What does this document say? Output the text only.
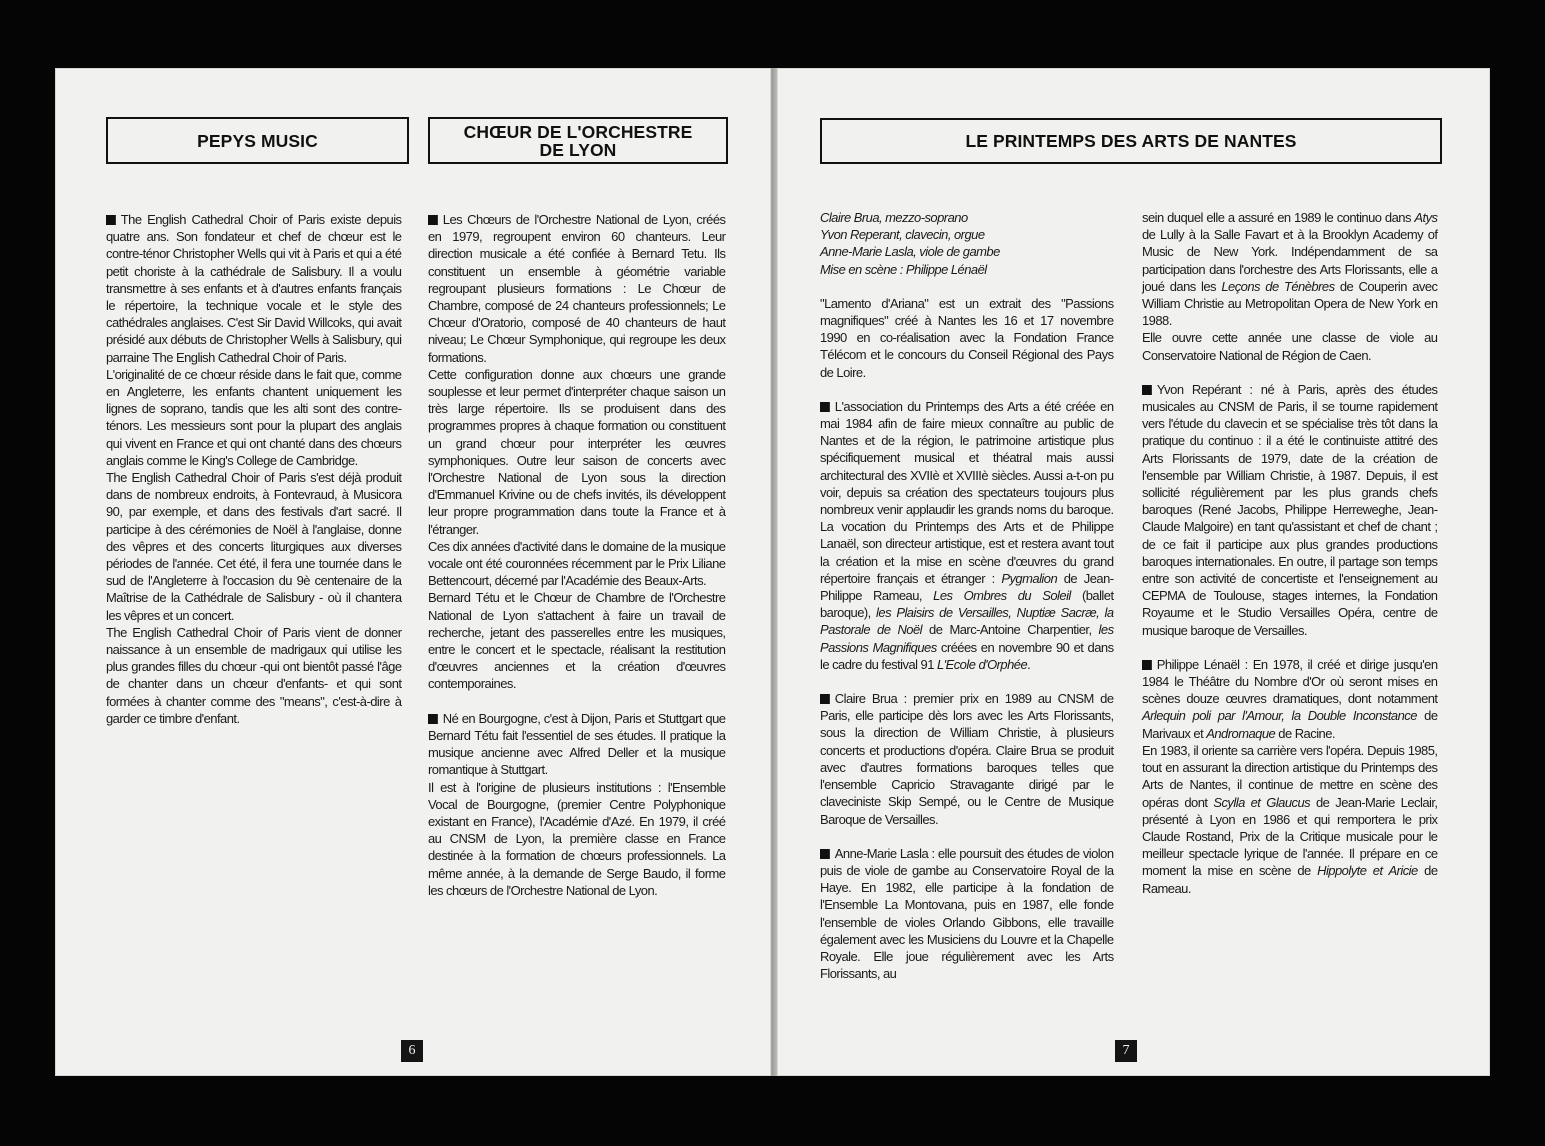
PEPYS MUSIC	CHŒUR DE L'ORCHESTRE DE LYON

The English Cathedral Choir of Paris existe depuis quatre ans. Son fondateur et chef de chœur est le contre-ténor Christopher Wells qui vit à Paris et qui a été petit choriste à la cathédrale de Salisbury. Il a voulu transmettre à ses enfants et à d'autres enfants français le répertoire, la technique vocale et le style des cathédrales anglaises. C'est Sir David Willcoks, qui avait présidé aux débuts de Christopher Wells à Salisbury, qui parraine The English Cathedral Choir of Paris.

L'originalité de ce chœur réside dans le fait que, comme en Angleterre, les enfants chantent uniquement les lignes de soprano, tandis que les alti sont des contre-ténors. Les messieurs sont pour la plupart des anglais qui vivent en France et qui ont chanté dans des chœurs anglais comme le King's College de Cambridge.

The English Cathedral Choir of Paris s'est déjà produit dans de nombreux endroits, à Fontevraud, à Musicora 90, par exemple, et dans des festivals d'art sacré. Il participe à des cérémonies de Noël à l'anglaise, donne des vêpres et des concerts liturgiques aux diverses périodes de l'année. Cet été, il fera une tournée dans le sud de l'Angleterre à l'occasion du 9è centenaire de la Maîtrise de la Cathédrale de Salisbury - où il chantera les vêpres et un concert.

The English Cathedral Choir of Paris vient de donner naissance à un ensemble de madrigaux qui utilise les plus grandes filles du chœur -qui ont bientôt passé l'âge de chanter dans un chœur d'enfants- et qui sont formées à chanter comme des "means", c'est-à-dire à garder ce timbre d'enfant.

Les Chœurs de l'Orchestre National de Lyon, créés en 1979, regroupent environ 60 chanteurs. Leur direction musicale a été confiée à Bernard Tetu. Ils constituent un ensemble à géométrie variable regroupant plusieurs formations : Le Chœur de Chambre, composé de 24 chanteurs professionnels; Le Chœur d'Oratorio, composé de 40 chanteurs de haut niveau; Le Chœur Symphonique, qui regroupe les deux formations.

Cette configuration donne aux chœurs une grande souplesse et leur permet d'interpréter chaque saison un très large répertoire. Ils se produisent dans des programmes propres à chaque formation ou constituent un grand chœur pour interpréter les œuvres symphoniques. Outre leur saison de concerts avec l'Orchestre National de Lyon sous la direction d'Emmanuel Krivine ou de chefs invités, ils développent leur propre programmation dans toute la France et à l'étranger.

Ces dix années d'activité dans le domaine de la musique vocale ont été couronnées récemment par le Prix Liliane Bettencourt, décerné par l'Académie des Beaux-Arts.

Bernard Tétu et le Chœur de Chambre de l'Orchestre National de Lyon s'attachent à faire un travail de recherche, jetant des passerelles entre les musiques, entre le concert et le spectacle, réalisant la restitution d'œuvres anciennes et la création d'œuvres contemporaines.

Né en Bourgogne, c'est à Dijon, Paris et Stuttgart que Bernard Tétu fait l'essentiel de ses études. Il pratique la musique ancienne avec Alfred Deller et la musique romantique à Stuttgart.

Il est à l'origine de plusieurs institutions : l'Ensemble Vocal de Bourgogne, (premier Centre Polyphonique existant en France), l'Académie d'Azé. En 1979, il créé au CNSM de Lyon, la première classe en France destinée à la formation de chœurs professionnels. La même année, à la demande de Serge Baudo, il forme les chœurs de l'Orchestre National de Lyon.

6
LE PRINTEMPS DES ARTS DE NANTES

Claire Brua, mezzo-soprano

Yvon Reperant, clavecin, orgue

Anne-Marie Lasla, viole de gambe

Mise en scène : Philippe Lénaël

"Lamento d'Ariana" est un extrait des "Passions magnifiques" créé à Nantes les 16 et 17 novembre 1990 en co-réalisation avec la Fondation France Télécom et le concours du Conseil Régional des Pays de Loire.

L'association du Printemps des Arts a été créée en mai 1984 afin de faire mieux connaître au public de Nantes et de la région, le patrimoine artistique plus spécifiquement musical et théatral mais aussi architectural des XVIIè et XVIIIè siècles. Aussi a-t-on pu voir, depuis sa création des spectateurs toujours plus nombreux venir applaudir les grands noms du baroque. La vocation du Printemps des Arts et de Philippe Lanaël, son directeur artistique, est et restera avant tout la création et la mise en scène d'œuvres du grand répertoire français et étranger : Pygmalion de Jean-Philippe Rameau, Les Ombres du Soleil (ballet baroque), les Plaisirs de Versailles, Nuptiæ Sacræ, la Pastorale de Noël de Marc-Antoine Charpentier, les Passions Magnifiques créées en novembre 90 et dans le cadre du festival 91 L'Ecole d'Orphée.

Claire Brua : premier prix en 1989 au CNSM de Paris, elle participe dès lors avec les Arts Florissants, sous la direction de William Christie, à plusieurs concerts et productions d'opéra. Claire Brua se produit avec d'autres formations baroques telles que l'ensemble Capricio Stravagante dirigé par le claveciniste Skip Sempé, ou le Centre de Musique Baroque de Versailles.

Anne-Marie Lasla : elle poursuit des études de violon puis de viole de gambe au Conservatoire Royal de la Haye. En 1982, elle participe à la fondation de l'Ensemble La Montovana, puis en 1987, elle fonde l'ensemble de violes Orlando Gibbons, elle travaille également avec les Musiciens du Louvre et la Chapelle Royale. Elle joue régulièrement avec les Arts Florissants, au

sein duquel elle a assuré en 1989 le continuo dans Atys de Lully à la Salle Favart et à la Brooklyn Academy of Music de New York. Indépendamment de sa participation dans l'orchestre des Arts Florissants, elle a joué dans les Leçons de Ténèbres de Couperin avec William Christie au Metropolitan Opera de New York en 1988.

Elle ouvre cette année une classe de viole au Conservatoire National de Région de Caen.

Yvon Repérant : né à Paris, après des études musicales au CNSM de Paris, il se tourne rapidement vers l'étude du clavecin et se spécialise très tôt dans la pratique du continuo : il a été le continuiste attitré des Arts Florissants de 1979, date de la création de l'ensemble par William Christie, à 1987. Depuis, il est sollicité régulièrement par les plus grands chefs baroques (René Jacobs, Philippe Herreweghe, Jean-Claude Malgoire) en tant qu'assistant et chef de chant ; de ce fait il participe aux plus grandes productions baroques internationales. En outre, il partage son temps entre son activité de concertiste et l'enseignement au CEPMA de Toulouse, stages internes, la Fondation Royaume et le Studio Versailles Opéra, centre de musique baroque de Versailles.

Philippe Lénaël : En 1978, il créé et dirige jusqu'en 1984 le Théâtre du Nombre d'Or où seront mises en scènes douze œuvres dramatiques, dont notamment Arlequin poli par l'Amour, la Double Inconstance de Marivaux et Andromaque de Racine.

En 1983, il oriente sa carrière vers l'opéra. Depuis 1985, tout en assurant la direction artistique du Printemps des Arts de Nantes, il continue de mettre en scène des opéras dont Scylla et Glaucus de Jean-Marie Leclair, présenté à Lyon en 1986 et qui remportera le prix Claude Rostand, Prix de la Critique musicale pour le meilleur spectacle lyrique de l'année. Il prépare en ce moment la mise en scène de Hippolyte et Aricie de Rameau.

7
